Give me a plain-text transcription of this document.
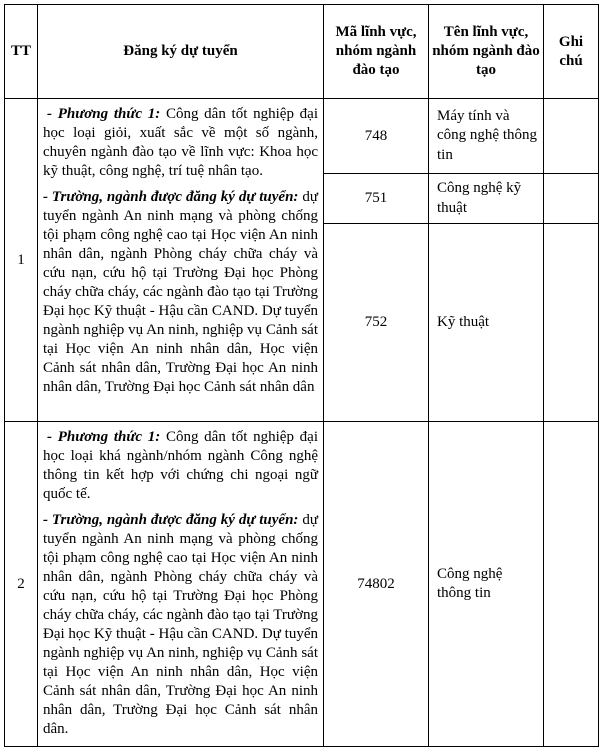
TT	Đăng ký dự tuyển	Mã lĩnh vực, nhóm ngành đào tạo	Tên lĩnh vực, nhóm ngành đào tạo	Ghi chú
1	- Phương thức 1: Công dân tốt nghiệp đại học loại giỏi, xuất sắc về một số ngành, chuyên ngành đào tạo về lĩnh vực: Khoa học kỹ thuật, công nghệ, trí tuệ nhân tạo.

- Trường, ngành được đăng ký dự tuyển: dự tuyển ngành An ninh mạng và phòng chống tội phạm công nghệ cao tại Học viện An ninh nhân dân, ngành Phòng cháy chữa cháy và cứu nạn, cứu hộ tại Trường Đại học Phòng cháy chữa cháy, các ngành đào tạo tại Trường Đại học Kỹ thuật - Hậu cần CAND. Dự tuyển ngành nghiệp vụ An ninh, nghiệp vụ Cảnh sát tại Học viện An ninh nhân dân, Học viện Cảnh sát nhân dân, Trường Đại học An ninh nhân dân, Trường Đại học Cảnh sát nhân dân	748	Máy tính và công nghệ thông tin	
		751	Công nghệ kỹ thuật	
		752	Kỹ thuật	
2	- Phương thức 1: Công dân tốt nghiệp đại học loại khá ngành/nhóm ngành Công nghệ thông tin kết hợp với chứng chi ngoại ngữ quốc tế.

- Trường, ngành được đăng ký dự tuyển: dự tuyển ngành An ninh mạng và phòng chống tội phạm công nghệ cao tại Học viện An ninh nhân dân, ngành Phòng cháy chữa cháy và cứu nạn, cứu hộ tại Trường Đại học Phòng cháy chữa cháy, các ngành đào tạo tại Trường Đại học Kỹ thuật - Hậu cần CAND. Dự tuyển ngành nghiệp vụ An ninh, nghiệp vụ Cảnh sát tại Học viện An ninh nhân dân, Học viện Cảnh sát nhân dân, Trường Đại học An ninh nhân dân, Trường Đại học Cảnh sát nhân dân.	74802	Công nghệ thông tin	
